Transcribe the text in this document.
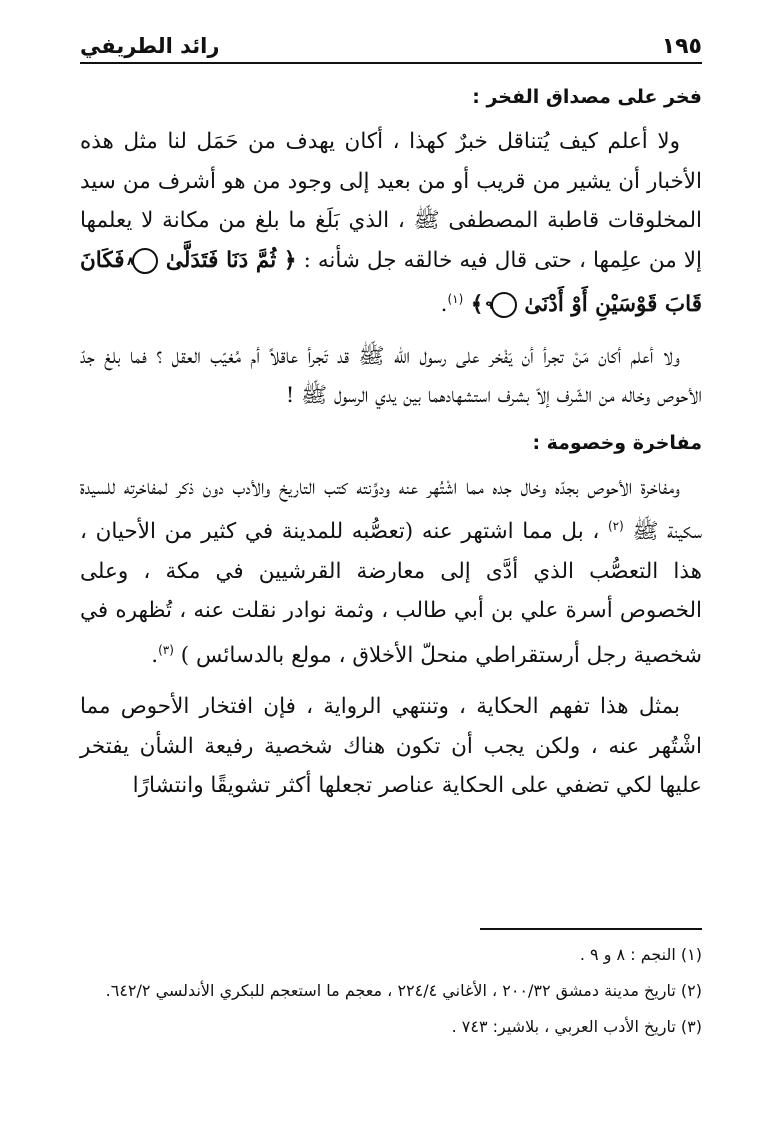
١٩٥
رائد الطريفي
فخر على مصداق الفخر :

ولا أعلم كيف يُتناقل خبرٌ كهذا ، أكان يهدف من حَمَل لنا مثل هذه الأخبار أن يشير من قريب أو من بعيد إلى وجود من هو أشرف من سيد المخلوقات قاطبة المصطفى ﷺ ، الذي بَلَغ ما بلغ من مكانة لا يعلمها إلا من علِمها ، حتى قال فيه خالقه جل شأنه : ﴿ ثُمَّ دَنَا فَتَدَلَّىٰ ٨ فَكَانَ قَابَ قَوْسَيْنِ أَوْ أَدْنَىٰ ٩ ﴾ $^{(١)}$.

ولا أعلم أكان مَنْ تجرأ أن يَفْخر على رسول الله ﷺ قد تَجرأ عاقلاً أم مُغيّب العقل ؟ فما بلغ جدّ الأحوص وخاله من الشّرف إلاّ بشرف استشهادهما بين يدي الرسول ﷺ !

مفاخرة وخصومة :

ومفاخرة الأحوص بجدّه وخال جده مما اشْتُهر عنه ودوِّنته كتب التاريخ والأدب دون ذكر لمفاخرته للسيدة سكينة ﷺ $^{(٢)}$ ، بل مما اشتهر عنه (تعصُّبه للمدينة في كثير من الأحيان ، هذا التعصُّب الذي أدَّى إلى معارضة القرشيين في مكة ، وعلى الخصوص أسرة علي بن أبي طالب ، وثمة نوادر نقلت عنه ، تُظهره في شخصية رجل أرستقراطي منحلّ الأخلاق ، مولع بالدسائس ) $^{(٣)}$.

بمثل هذا تفهم الحكاية ، وتنتهي الرواية ، فإن افتخار الأحوص مما اشْتُهر عنه ، ولكن يجب أن تكون هناك شخصية رفيعة الشأن يفتخر عليها لكي تضفي على الحكاية عناصر تجعلها أكثر تشويقًا وانتشارًا

(١) النجم : ٨ و ٩ .

(٢) تاريخ مدينة دمشق ٢٠٠/٣٢ ، الأغاني ٢٢٤/٤ ، معجم ما استعجم للبكري الأندلسي ٦٤٢/٢.

(٣) تاريخ الأدب العربي ، بلاشير: ٧٤٣ .
